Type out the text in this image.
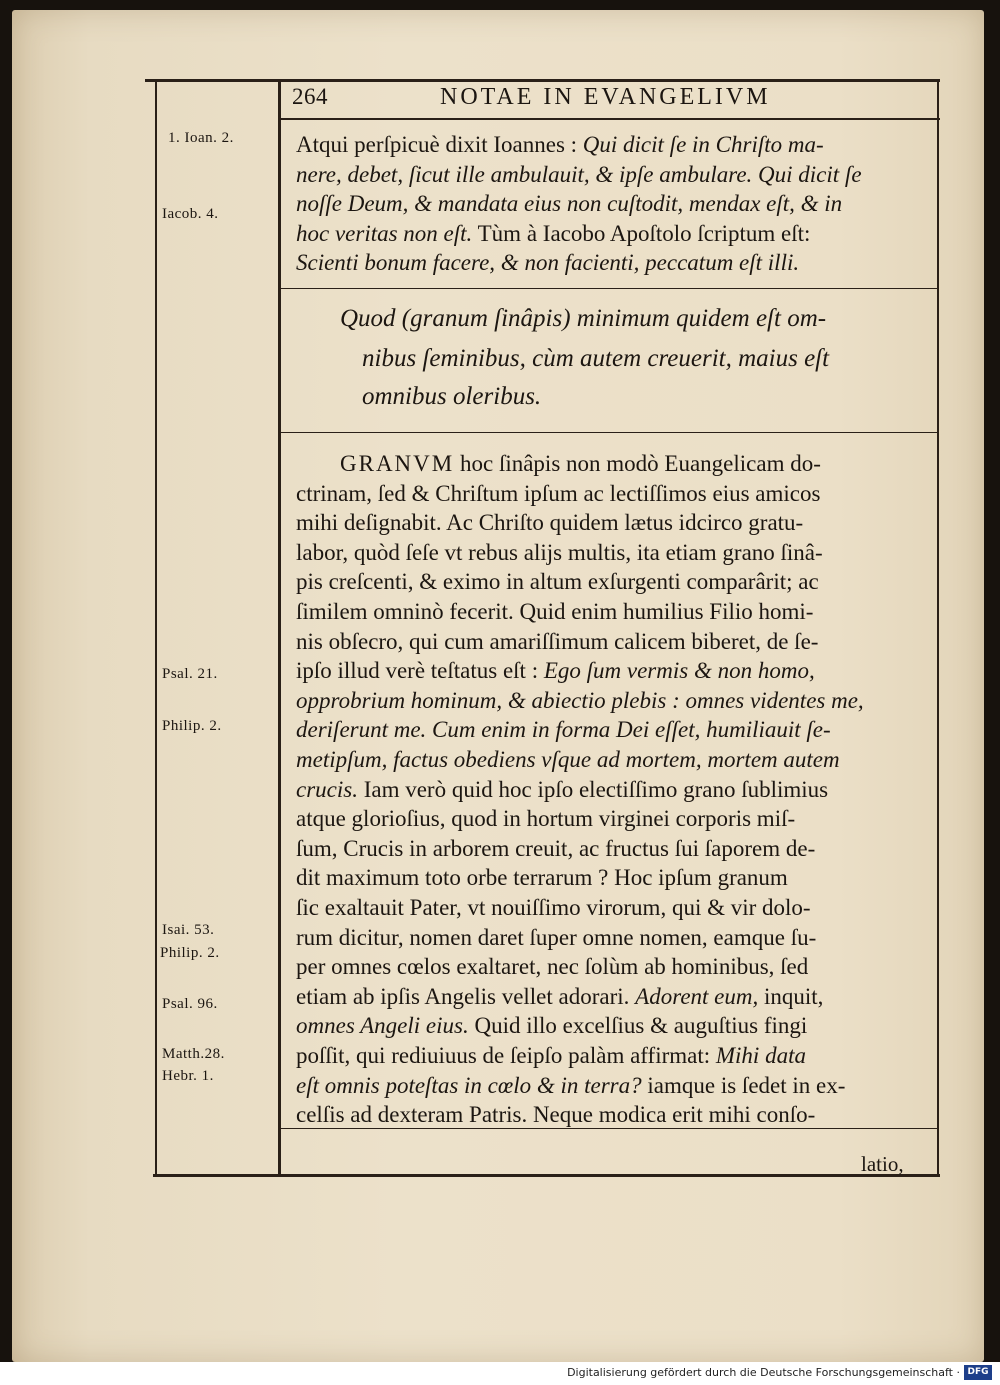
264	NOTAE IN EVANGELIVM
1. Ioan. 2.
Iacob. 4.
Psal. 21.
Philip. 2.
Isai. 53.
Philip. 2.
Psal. 96.
Matth.28.
Hebr. 1.
Atqui perſpicuè dixit Ioannes : Qui dicit ſe in Chriſto ma-
nere, debet, ſicut ille ambulauit, & ipſe ambulare. Qui dicit ſe
noſſe Deum, & mandata eius non cuſtodit, mendax eſt, & in
hoc veritas non eſt. Tùm à Iacobo Apoſtolo ſcriptum eſt:
Scienti bonum facere, & non facienti, peccatum eſt illi.
Quod (granum ſinâpis) minimum quidem eſt om-
nibus ſeminibus, cùm autem creuerit, maius eſt
omnibus oleribus.
GRANVM hoc ſinâpis non modò Euangelicam do-
ctrinam, ſed & Chriſtum ipſum ac lectiſſimos eius amicos
mihi deſignabit. Ac Chriſto quidem lætus idcirco gratu-
labor, quòd ſeſe vt rebus alijs multis, ita etiam grano ſinâ-
pis creſcenti, & eximo in altum exſurgenti comparârit; ac
ſimilem omninò fecerit. Quid enim humilius Filio homi-
nis obſecro, qui cum amariſſimum calicem biberet, de ſe-
ipſo illud verè teſtatus eſt : Ego ſum vermis & non homo,
opprobrium hominum, & abiectio plebis : omnes videntes me,
deriſerunt me. Cum enim in forma Dei eſſet, humiliauit ſe-
metipſum, factus obediens vſque ad mortem, mortem autem
crucis. Iam verò quid hoc ipſo electiſſimo grano ſublimius
atque glorioſius, quod in hortum virginei corporis miſ-
ſum, Crucis in arborem creuit, ac fructus ſui ſaporem de-
dit maximum toto orbe terrarum ? Hoc ipſum granum
ſic exaltauit Pater, vt nouiſſimo virorum, qui & vir dolo-
rum dicitur, nomen daret ſuper omne nomen, eamque ſu-
per omnes cœlos exaltaret, nec ſolùm ab hominibus, ſed
etiam ab ipſis Angelis vellet adorari. Adorent eum, inquit,
omnes Angeli eius. Quid illo excelſius & auguſtius fingi
poſſit, qui rediuiuus de ſeipſo palàm affirmat: Mihi data
eſt omnis poteſtas in cœlo & in terra? iamque is ſedet in ex-
celſis ad dexteram Patris. Neque modica erit mihi conſo-
latio,
Digitalisierung gefördert durch die Deutsche Forschungsgemeinschaft · DFG
